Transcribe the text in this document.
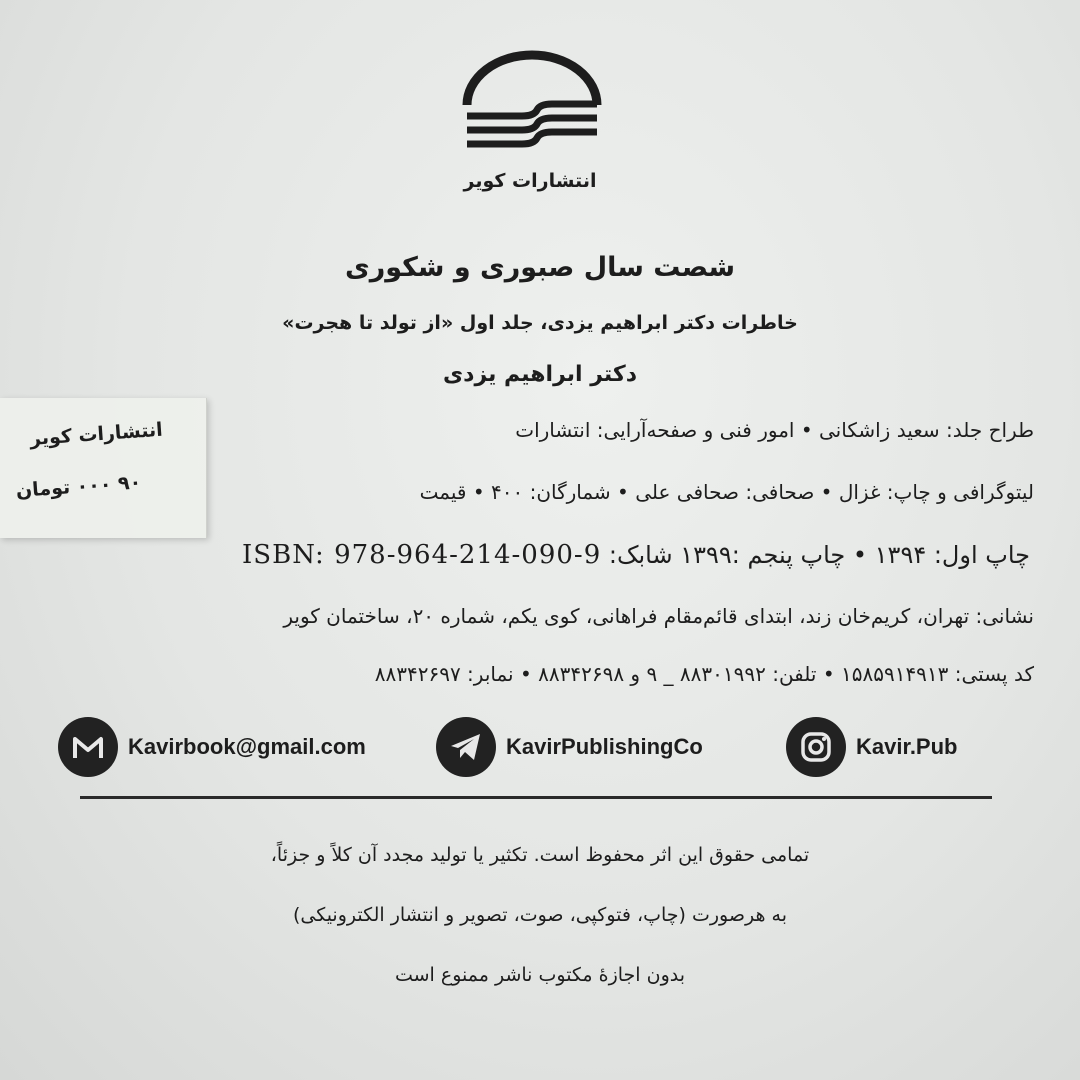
انتشارات کویر
شصت سال صبوری و شکوری
خاطرات دکتر ابراهیم یزدی، جلد اول «از تولد تا هجرت»
دکتر ابراهیم یزدی
طراح جلد: سعید زاشکانی • امور فنی و صفحه‌آرایی: انتشارات
لیتوگرافی و چاپ: غزال • صحافی: صحافی علی • شمارگان: ۴۰۰ • قیمت
چاپ اول: ۱۳۹۴ • چاپ پنجم :۱۳۹۹ شابک: ISBN: 978-964-214-090-9
نشانی: تهران، کریم‌خان زند، ابتدای قائم‌مقام فراهانی، کوی یکم، شماره ۲۰، ساختمان کویر
کد پستی: ۱۵۸۵۹۱۴۹۱۳ • تلفن: ۸۸۳۰۱۹۹۲ _ ۹ و ۸۸۳۴۲۶۹۸ • نمابر: ۸۸۳۴۲۶۹۷
انتشارات کویر
۹۰ ۰۰۰ تومان
Kavirbook@gmail.com	KavirPublishingCo	Kavir.Pub
تمامی حقوق این اثر محفوظ است. تکثیر یا تولید مجدد آن کلاً و جزئاً،
به هرصورت (چاپ، فتوکپی، صوت، تصویر و انتشار الکترونیکی)
بدون اجازهٔ مکتوب ناشر ممنوع است
